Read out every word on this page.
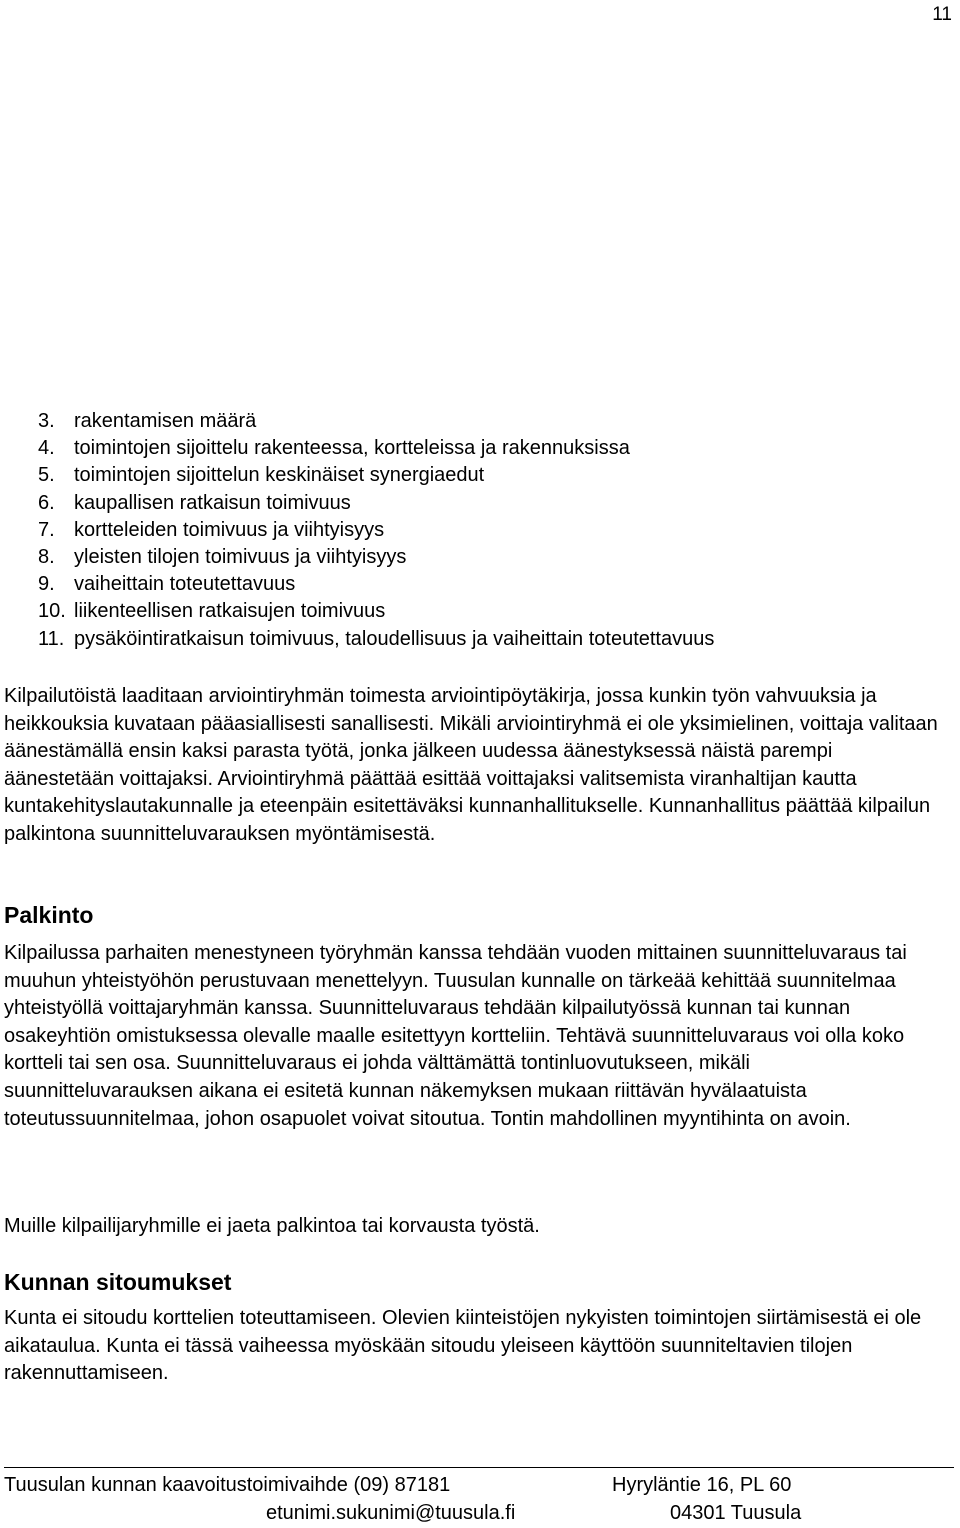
11
3. rakentamisen määrä
4. toimintojen sijoittelu rakenteessa, kortteleissa ja rakennuksissa
5. toimintojen sijoittelun keskinäiset synergiaedut
6. kaupallisen ratkaisun toimivuus
7. kortteleiden toimivuus ja viihtyisyys
8. yleisten tilojen toimivuus ja viihtyisyys
9. vaiheittain toteutettavuus
10. liikenteellisen ratkaisujen toimivuus
11. pysäköintiratkaisun toimivuus, taloudellisuus ja vaiheittain toteutettavuus

Kilpailutöistä laaditaan arviointiryhmän toimesta arviointipöytäkirja, jossa kunkin työn vahvuuksia ja heikkouksia kuvataan pääasiallisesti sanallisesti. Mikäli arviointiryhmä ei ole yksimielinen, voittaja valitaan äänestämällä ensin kaksi parasta työtä, jonka jälkeen uudessa äänestyksessä näistä parempi äänestetään voittajaksi. Arviointiryhmä päättää esittää voittajaksi valitsemista viranhaltijan kautta kuntakehityslautakunnalle ja eteenpäin esitettäväksi kunnanhallitukselle. Kunnanhallitus päättää kilpailun palkintona suunnitteluvarauksen myöntämisestä.

Palkinto

Kilpailussa parhaiten menestyneen työryhmän kanssa tehdään vuoden mittainen suunnitteluvaraus tai muuhun yhteistyöhön perustuvaan menettelyyn. Tuusulan kunnalle on tärkeää kehittää suunnitelmaa yhteistyöllä voittajaryhmän kanssa. Suunnitteluvaraus tehdään kilpailutyössä kunnan tai kunnan osakeyhtiön omistuksessa olevalle maalle esitettyyn kortteliin. Tehtävä suunnitteluvaraus voi olla koko kortteli tai sen osa. Suunnitteluvaraus ei johda välttämättä tontinluovutukseen, mikäli suunnitteluvarauksen aikana ei esitetä kunnan näkemyksen mukaan riittävän hyvälaatuista toteutussuunnitelmaa, johon osapuolet voivat sitoutua. Tontin mahdollinen myyntihinta on avoin.

Muille kilpailijaryhmille ei jaeta palkintoa tai korvausta työstä.

Kunnan sitoumukset

Kunta ei sitoudu korttelien toteuttamiseen. Olevien kiinteistöjen nykyisten toimintojen siirtämisestä ei ole aikataulua. Kunta ei tässä vaiheessa myöskään sitoudu yleiseen käyttöön suunniteltavien tilojen rakennuttamiseen.

Tuusulan kunnan kaavoitustoimivaihde (09) 87181
etunimi.sukunimi@tuusula.fi
Hyryläntie 16, PL 60
04301 Tuusula
